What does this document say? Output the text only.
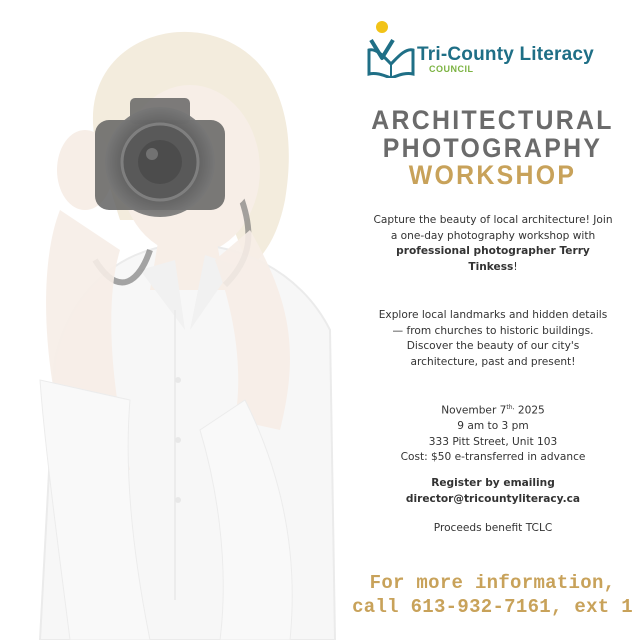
Tri-County Literacy
COUNCIL
ARCHITECTURAL
PHOTOGRAPHY
WORKSHOP
Capture the beauty of local architecture! Join a one-day photography workshop with professional photographer Terry Tinkess!
Explore local landmarks and hidden details — from churches to historic buildings. Discover the beauty of our city's architecture, past and present!
November $7^{th,}$ 2025
9 am to 3 pm
333 Pitt Street, Unit 103
Cost: $50 e-transferred in advance
Register by emailing
director@tricountyliteracy.ca
Proceeds benefit TCLC
For more information,
call 613-932-7161, ext 1
